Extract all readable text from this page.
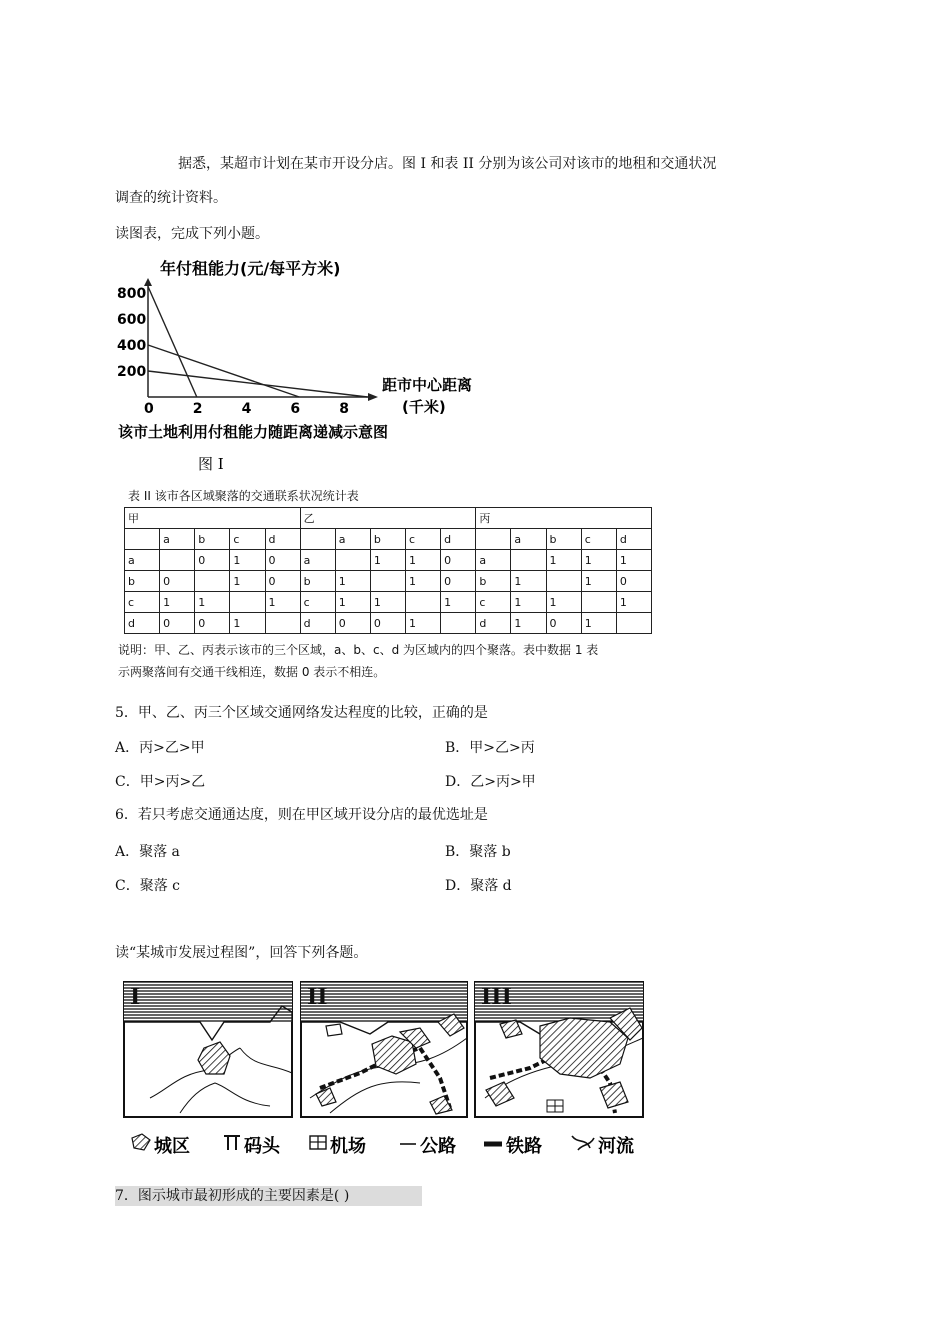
据悉，某超市计划在某市开设分店。图 I 和表 II 分别为该公司对该市的地租和交通状况
调查的统计资料。
读图表，完成下列小题。
年付租能力(元/每平方米)
200
400
600
800
0	2	4	6	8
距市中心距离
(千米)
该市土地利用付租能力随距离递减示意图
图 I
表 II 该市各区域聚落的交通联系状况统计表
甲					乙					丙				
	a	b	c	d		a	b	c	d		a	b	c	d
a		0	1	0	a		1	1	0	a		1	1	1
b	0		1	0	b	1		1	0	b	1		1	0
c	1	1		1	c	1	1		1	c	1	1		1
d	0	0	1		d	0	0	1		d	1	0	1	
说明：甲、乙、丙表示该市的三个区域，a、b、c、d 为区域内的四个聚落。表中数据 1 表
示两聚落间有交通干线相连，数据 0 表示不相连。
5．甲、乙、丙三个区域交通网络发达程度的比较，正确的是
A．丙>乙>甲	B．甲>乙>丙
C．甲>丙>乙	D．乙>丙>甲
6．若只考虑交通通达度，则在甲区域开设分店的最优选址是
A．聚落 a	B．聚落 b
C．聚落 c	D．聚落 d
读“某城市发展过程图”，回答下列各题。
I	II	III
城区	码头	机场	公路	铁路	河流
7．图示城市最初形成的主要因素是( )
